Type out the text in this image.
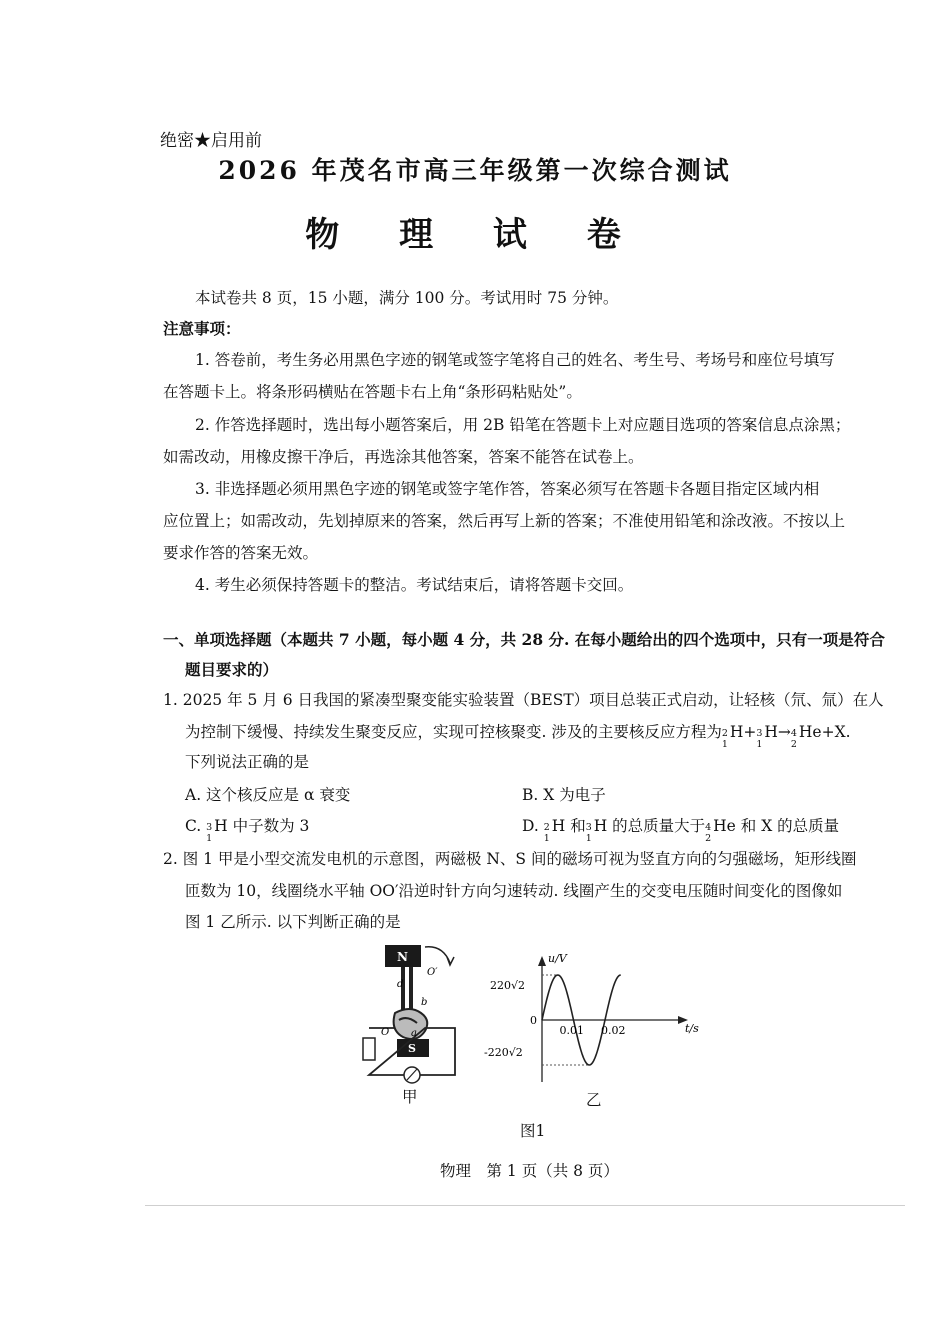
绝密★启用前
2026 年茂名市高三年级第一次综合测试
物 理 试 卷
本试卷共 8 页，15 小题，满分 100 分。考试用时 75 分钟。
注意事项：
1. 答卷前，考生务必用黑色字迹的钢笔或签字笔将自己的姓名、考生号、考场号和座位号填写
在答题卡上。将条形码横贴在答题卡右上角“条形码粘贴处”。
2. 作答选择题时，选出每小题答案后，用 2B 铅笔在答题卡上对应题目选项的答案信息点涂黑；
如需改动，用橡皮擦干净后，再选涂其他答案，答案不能答在试卷上。
3. 非选择题必须用黑色字迹的钢笔或签字笔作答，答案必须写在答题卡各题目指定区域内相
应位置上；如需改动，先划掉原来的答案，然后再写上新的答案；不准使用铅笔和涂改液。不按以上
要求作答的答案无效。
4. 考生必须保持答题卡的整洁。考试结束后，请将答题卡交回。
一、单项选择题（本题共 7 小题，每小题 4 分，共 28 分. 在每小题给出的四个选项中，只有一项是符合
题目要求的）
1. 2025 年 5 月 6 日我国的紧凑型聚变能实验装置（BEST）项目总装正式启动，让轻核（氘、氚）在人
为控制下缓慢、持续发生聚变反应，实现可控核聚变. 涉及的主要核反应方程为 2
1
H+ 3
1
H→ 4
2
He+X.
下列说法正确的是
A. 这个核反应是 α 衰变	B. X 为电子
C. 3
1
H 中子数为 3	D. 2
1
H 和 3
1
H 的总质量大于 4
2
He 和 X 的总质量
2. 图 1 甲是小型交流发电机的示意图，两磁极 N、S 间的磁场可视为竖直方向的匀强磁场，矩形线圈
匝数为 10，线圈绕水平轴 OO′沿逆时针方向匀速转动. 线圈产生的交变电压随时间变化的图像如
图 1 乙所示. 以下判断正确的是
N
S
d
O′
b
a
O
甲
u/V
t/s
0
220√2
-220√2
0.01 0.02
乙
图1
物理　第 1 页（共 8 页）
